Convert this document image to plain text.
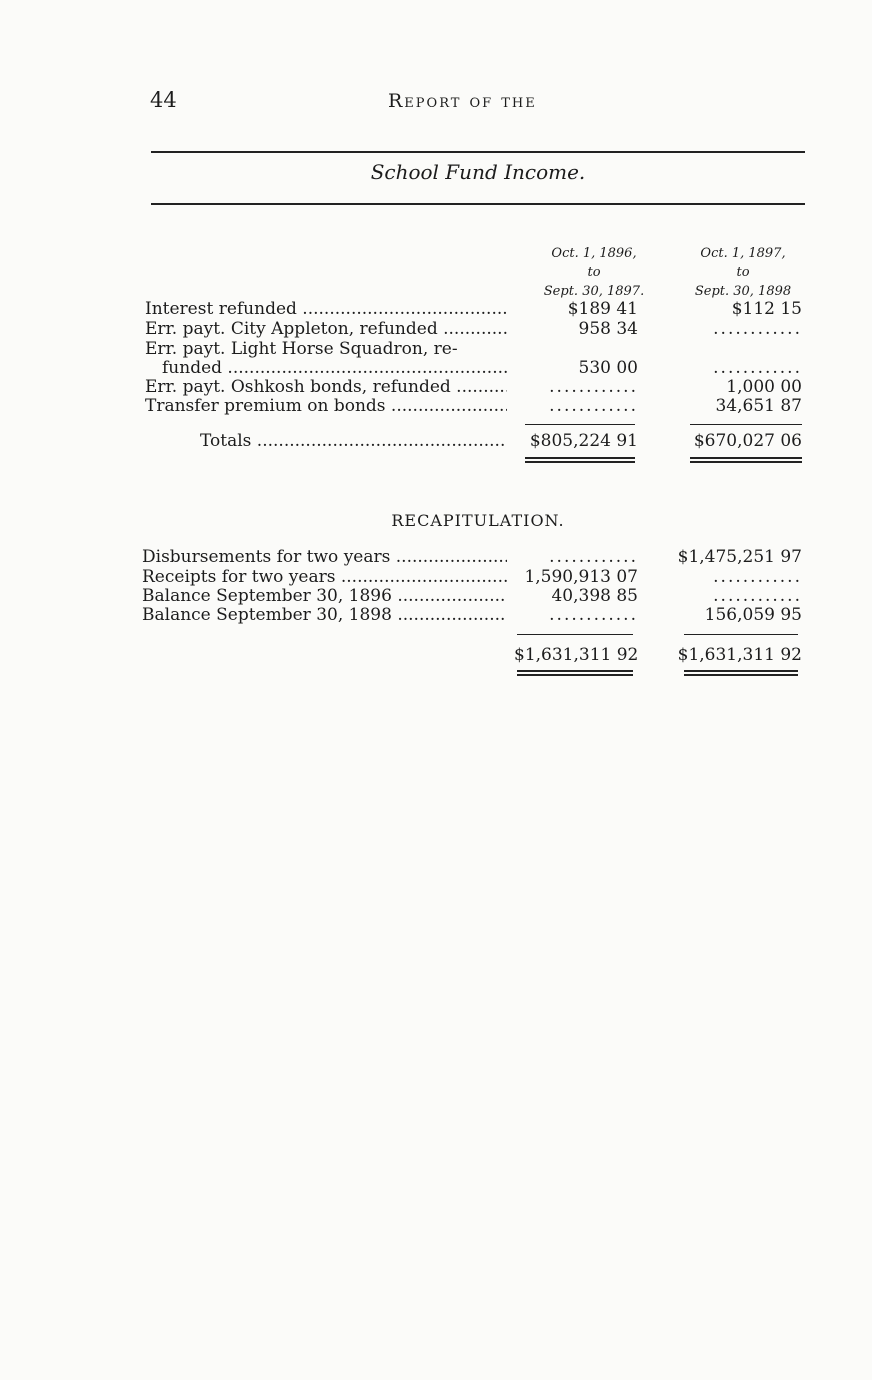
44	Report of the
School Fund Income.
Oct. 1, 1896,
to
Sept. 30, 1897.
Oct. 1, 1897,
to
Sept. 30, 1898
Interest refunded .....	$189 41	$112 15
Err. payt. City Appleton, refunded .....	958 34	............
Err. payt. Light Horse Squadron, re-
funded .....	530 00	............
Err. payt. Oshkosh bonds, refunded .....	............	1,000 00
Transfer premium on bonds .....	............	34,651 87
Totals .....	$805,224 91	$670,027 06
RECAPITULATION.
Disbursements for two years .....	............	$1,475,251 97
Receipts for two years .....	1,590,913 07	............
Balance September 30, 1896 .....	40,398 85	............
Balance September 30, 1898 .....	............	156,059 95
$1,631,311 92	$1,631,311 92
